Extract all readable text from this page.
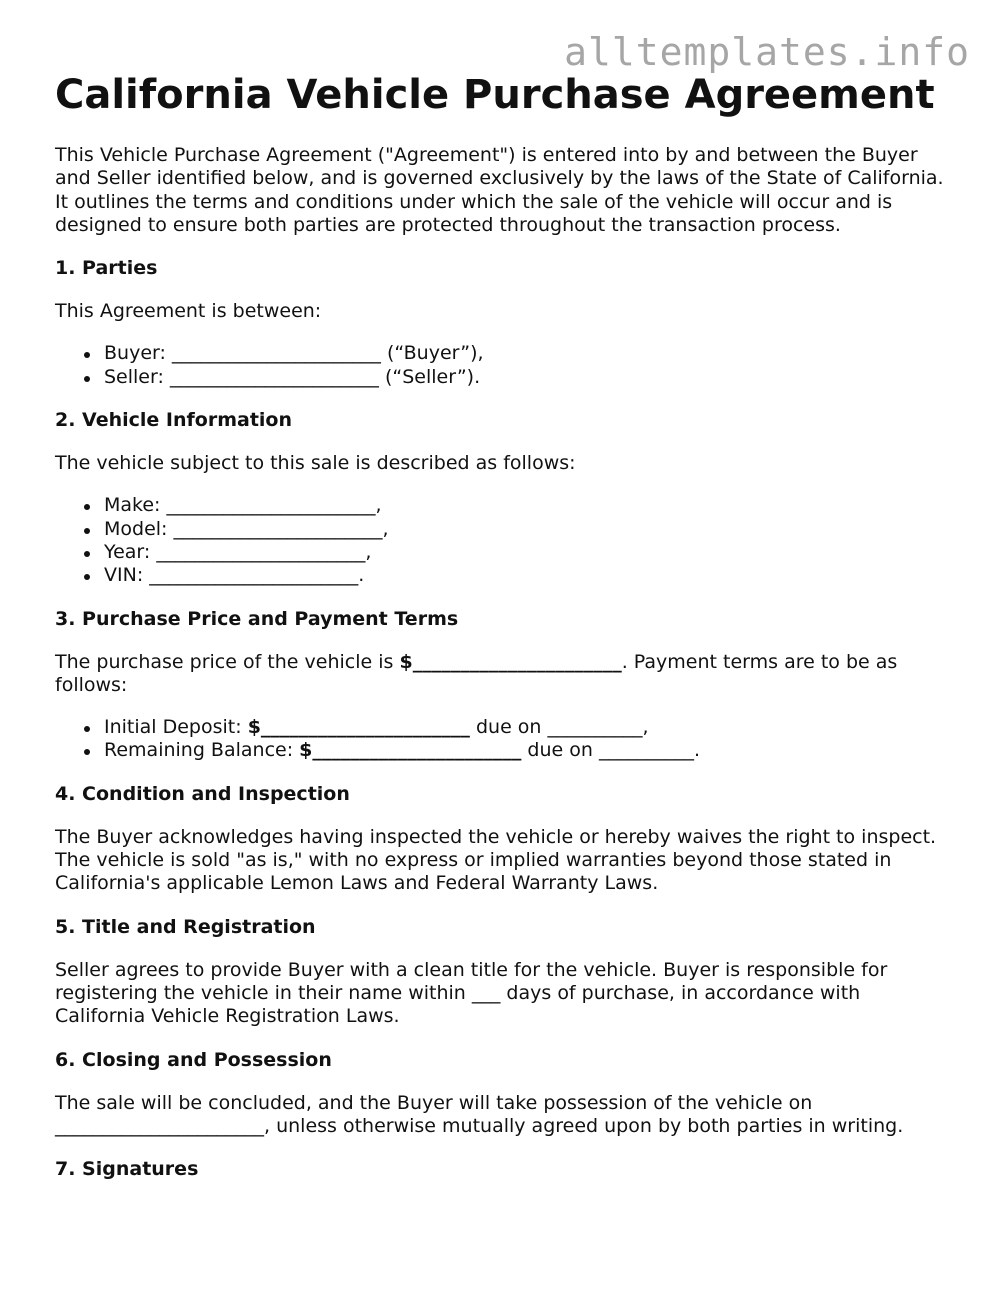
alltemplates.info
California Vehicle Purchase Agreement

This Vehicle Purchase Agreement ("Agreement") is entered into by and between the Buyer and Seller identified below, and is governed exclusively by the laws of the State of California. It outlines the terms and conditions under which the sale of the vehicle will occur and is designed to ensure both parties are protected throughout the transaction process.

1. Parties

This Agreement is between:

Buyer: ______________________ (“Buyer”),
Seller: ______________________ (“Seller”).
2. Vehicle Information

The vehicle subject to this sale is described as follows:

Make: ______________________,
Model: ______________________,
Year: ______________________,
VIN: ______________________.
3. Purchase Price and Payment Terms

The purchase price of the vehicle is $______________________. Payment terms are to be as follows:

Initial Deposit: $______________________ due on __________,
Remaining Balance: $______________________ due on __________.
4. Condition and Inspection

The Buyer acknowledges having inspected the vehicle or hereby waives the right to inspect. The vehicle is sold "as is," with no express or implied warranties beyond those stated in California's applicable Lemon Laws and Federal Warranty Laws.

5. Title and Registration

Seller agrees to provide Buyer with a clean title for the vehicle. Buyer is responsible for registering the vehicle in their name within ___ days of purchase, in accordance with California Vehicle Registration Laws.

6. Closing and Possession

The sale will be concluded, and the Buyer will take possession of the vehicle on ______________________, unless otherwise mutually agreed upon by both parties in writing.

7. Signatures
